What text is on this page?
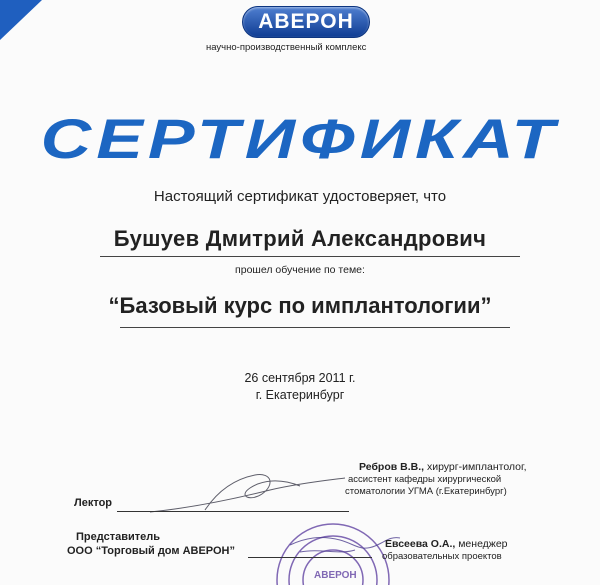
АВЕРОН
научно-производственный комплекс
СЕРТИФИКАТ
Настоящий сертификат удостоверяет, что
Бушуев Дмитрий Александрович
прошел обучение по теме:
“Базовый курс по имплантологии”
26 сентября 2011 г.
г. Екатеринбург
АВЕРОН
Ребров В.В., хирург-имплантолог,
ассистент кафедры хирургической
стоматологии УГМА (г.Екатеринбург)
Лектор
Представитель
ООО “Торговый дом АВЕРОН”
Евсеева О.А., менеджер
образовательных проектов
